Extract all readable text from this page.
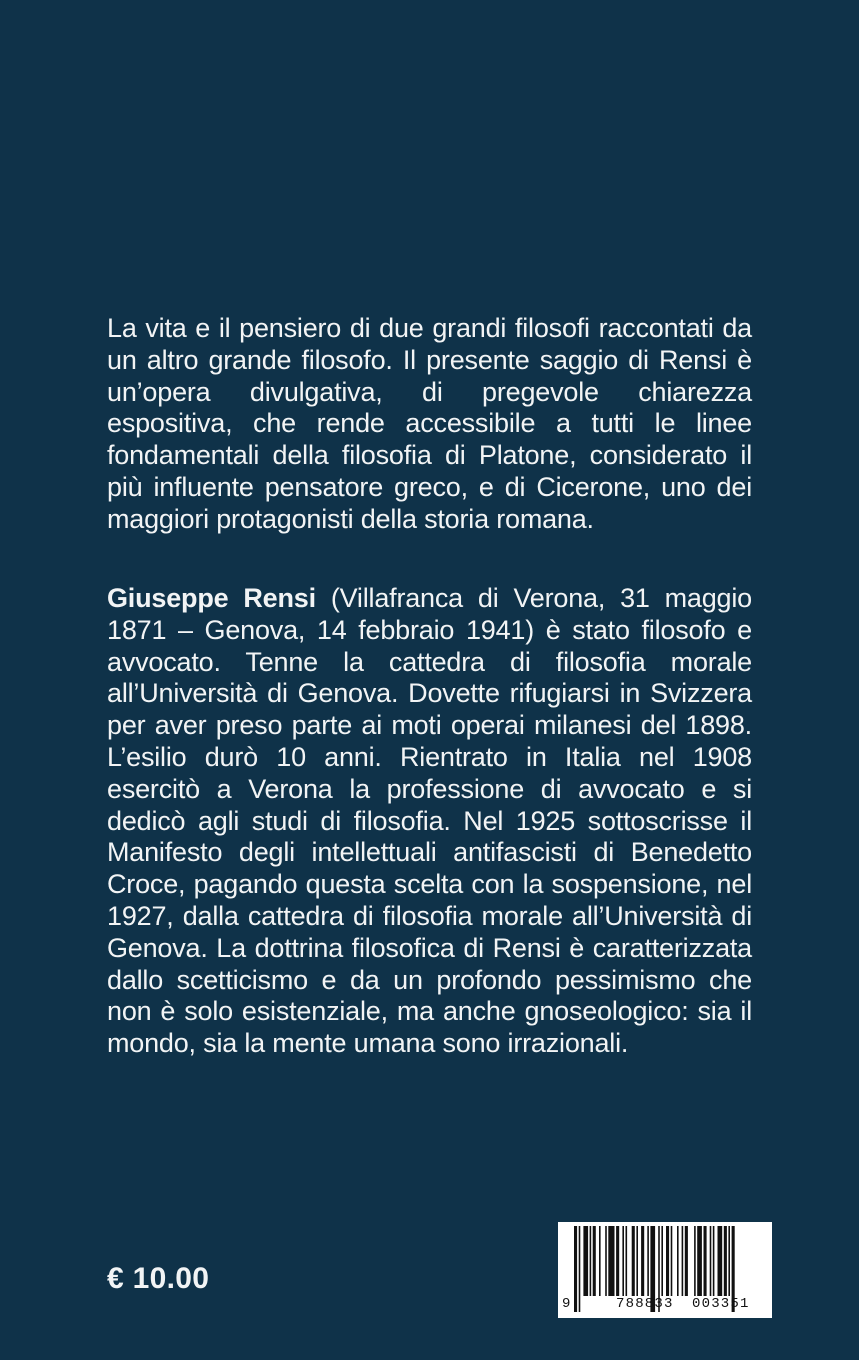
La vita e il pensiero di due grandi filosofi raccontati da un altro grande filosofo. Il presente saggio di Rensi è un’opera divulgativa, di pregevole chiarezza espositiva, che rende accessibile a tutti le linee fondamentali della filosofia di Platone, considerato il più influente pensatore greco, e di Cicerone, uno dei maggiori protagonisti della storia romana.

Giuseppe Rensi (Villafranca di Verona, 31 maggio 1871 – Genova, 14 febbraio 1941) è stato filosofo e avvocato. Tenne la cattedra di filosofia morale all’Università di Genova. Dovette rifugiarsi in Svizzera per aver preso parte ai moti operai milanesi del 1898. L’esilio durò 10 anni. Rientrato in Italia nel 1908 esercitò a Verona la professione di avvocato e si dedicò agli studi di filosofia. Nel 1925 sottoscrisse il Manifesto degli intellettuali antifascisti di Benedetto Croce, pagando questa scelta con la sospensione, nel 1927, dalla cattedra di filosofia morale all’Università di Genova. La dottrina filosofica di Rensi è caratterizzata dallo scetticismo e da un profondo pessimismo che non è solo esistenziale, ma anche gnoseologico: sia il mondo, sia la mente umana sono irrazionali.

€ 10.00

9	788833 003351
